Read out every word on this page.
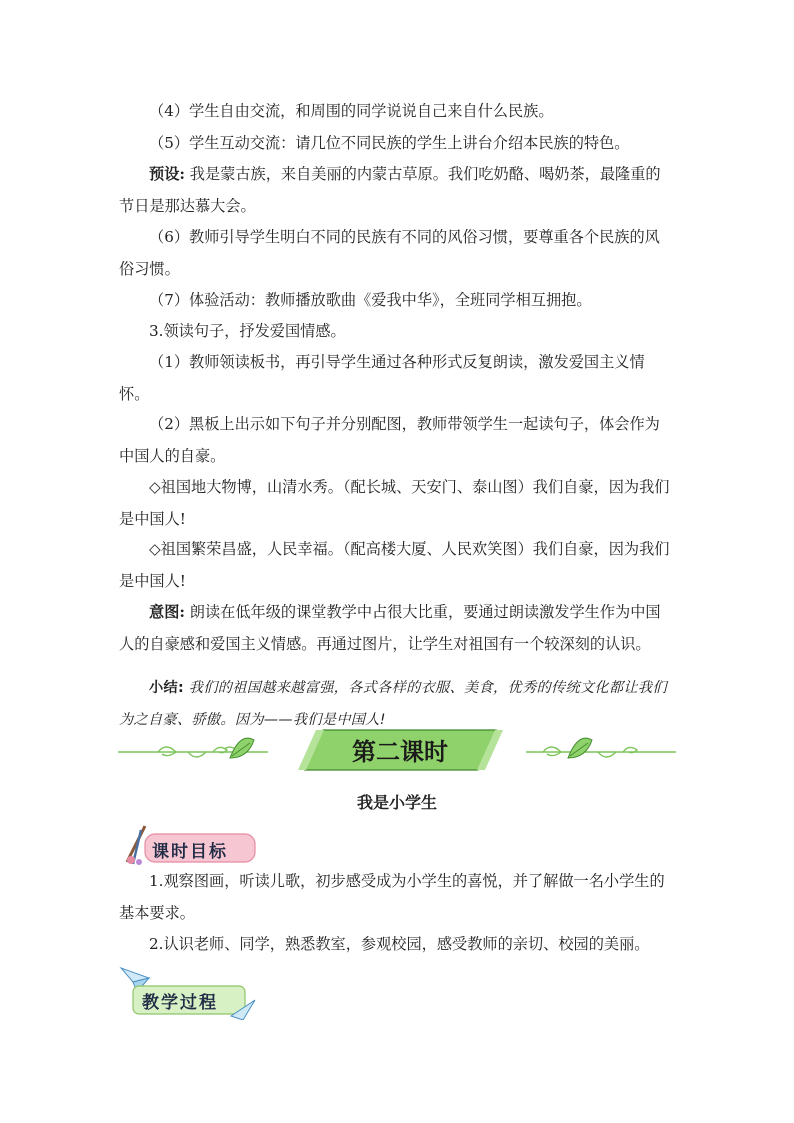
（4）学生自由交流，和周围的同学说说自己来自什么民族。

（5）学生互动交流：请几位不同民族的学生上讲台介绍本民族的特色。

预设: 我是蒙古族，来自美丽的内蒙古草原。我们吃奶酪、喝奶茶，最隆重的节日是那达慕大会。

（6）教师引导学生明白不同的民族有不同的风俗习惯，要尊重各个民族的风俗习惯。

（7）体验活动：教师播放歌曲《爱我中华》，全班同学相互拥抱。

3.领读句子，抒发爱国情感。

（1）教师领读板书，再引导学生通过各种形式反复朗读，激发爱国主义情怀。

（2）黑板上出示如下句子并分别配图，教师带领学生一起读句子，体会作为中国人的自豪。

◇祖国地大物博，山清水秀。（配长城、天安门、泰山图）我们自豪，因为我们是中国人!

◇祖国繁荣昌盛，人民幸福。（配高楼大厦、人民欢笑图）我们自豪，因为我们是中国人!

意图: 朗读在低年级的课堂教学中占很大比重，要通过朗读激发学生作为中国人的自豪感和爱国主义情感。再通过图片，让学生对祖国有一个较深刻的认识。

小结: 我们的祖国越来越富强，各式各样的衣服、美食，优秀的传统文化都让我们为之自豪、骄傲。因为——我们是中国人!

第二课时
我是小学生
课时目标

1.观察图画，听读儿歌，初步感受成为小学生的喜悦，并了解做一名小学生的基本要求。

2.认识老师、同学，熟悉教室，参观校园，感受教师的亲切、校园的美丽。

教学过程
